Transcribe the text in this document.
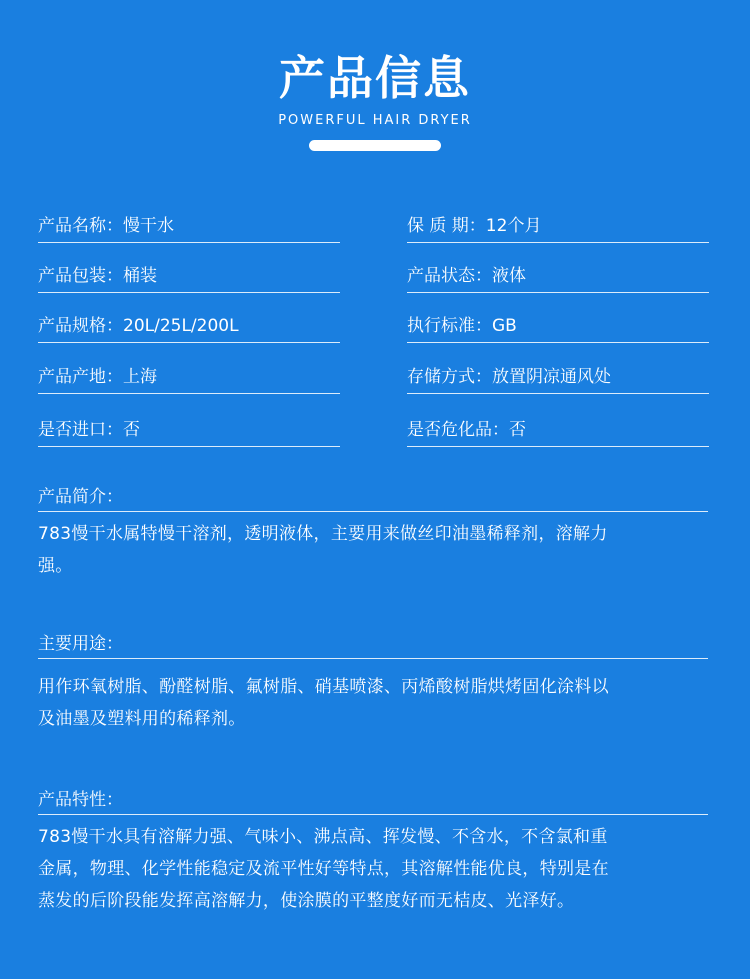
产品信息
POWERFUL HAIR DRYER
产品名称：慢干水
产品包装：桶装
产品规格：20L/25L/200L
产品产地：上海
是否进口：否
保 质 期：12个月
产品状态：液体
执行标准：GB
存储方式：放置阴凉通风处
是否危化品：否
产品简介：
783慢干水属特慢干溶剂，透明液体，主要用来做丝印油墨稀释剂，溶解力
强。
主要用途：
用作环氧树脂、酚醛树脂、氟树脂、硝基喷漆、丙烯酸树脂烘烤固化涂料以
及油墨及塑料用的稀释剂。
产品特性：
783慢干水具有溶解力强、气味小、沸点高、挥发慢、不含水，不含氯和重
金属，物理、化学性能稳定及流平性好等特点，其溶解性能优良，特别是在
蒸发的后阶段能发挥高溶解力，使涂膜的平整度好而无桔皮、光泽好。
